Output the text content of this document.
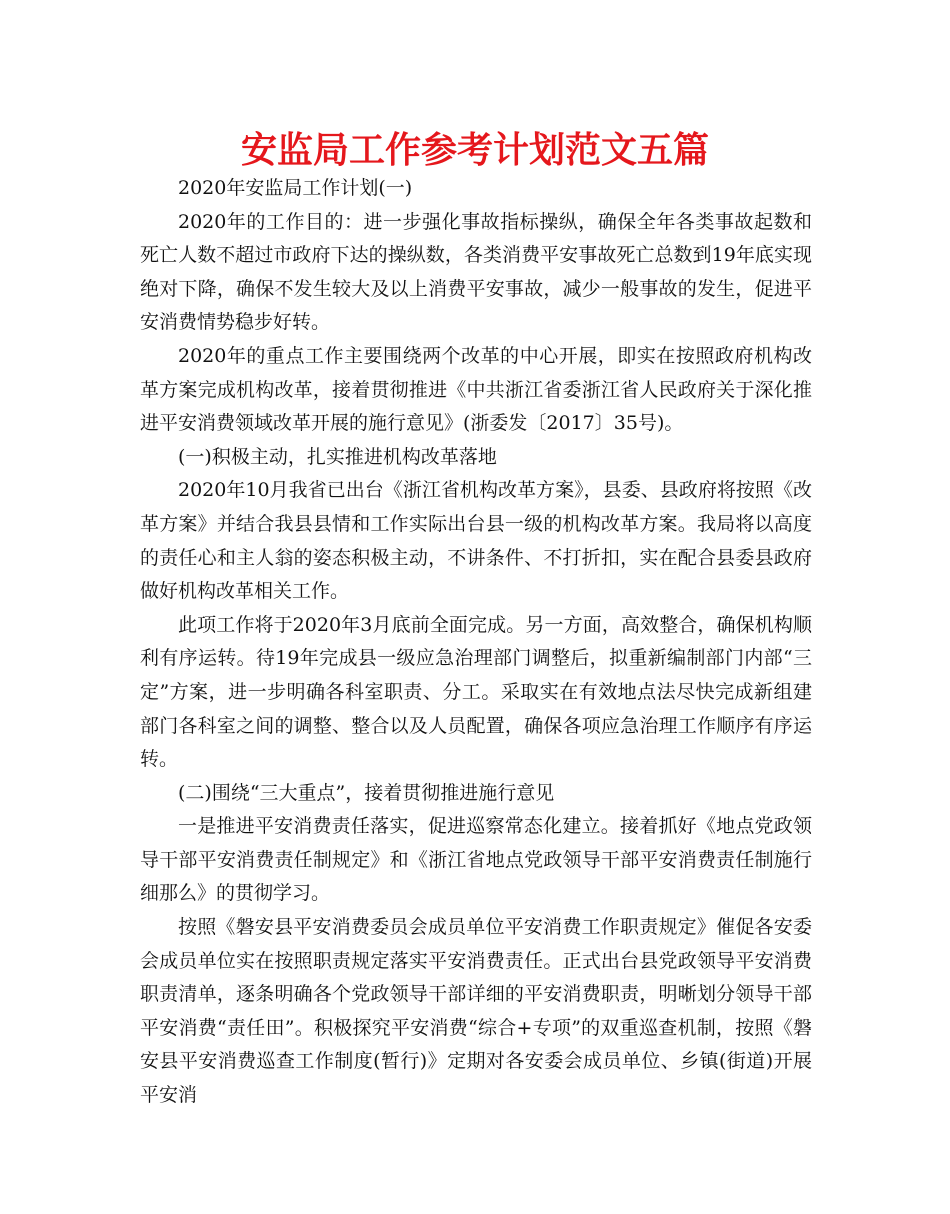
安监局工作参考计划范文五篇

2020年安监局工作计划(一)

2020年的工作目的：进一步强化事故指标操纵，确保全年各类事故起数和死亡人数不超过市政府下达的操纵数，各类消费平安事故死亡总数到19年底实现绝对下降，确保不发生较大及以上消费平安事故，减少一般事故的发生，促进平安消费情势稳步好转。

2020年的重点工作主要围绕两个改革的中心开展，即实在按照政府机构改革方案完成机构改革，接着贯彻推进《中共浙江省委浙江省人民政府关于深化推进平安消费领域改革开展的施行意见》(浙委发〔2017〕35号)。

(一)积极主动，扎实推进机构改革落地

2020年10月我省已出台《浙江省机构改革方案》，县委、县政府将按照《改革方案》并结合我县县情和工作实际出台县一级的机构改革方案。我局将以高度的责任心和主人翁的姿态积极主动，不讲条件、不打折扣，实在配合县委县政府做好机构改革相关工作。

此项工作将于2020年3月底前全面完成。另一方面，高效整合，确保机构顺利有序运转。待19年完成县一级应急治理部门调整后，拟重新编制部门内部“三定”方案，进一步明确各科室职责、分工。采取实在有效地点法尽快完成新组建部门各科室之间的调整、整合以及人员配置，确保各项应急治理工作顺序有序运转。

(二)围绕“三大重点”，接着贯彻推进施行意见

一是推进平安消费责任落实，促进巡察常态化建立。接着抓好《地点党政领导干部平安消费责任制规定》和《浙江省地点党政领导干部平安消费责任制施行细那么》的贯彻学习。

按照《磐安县平安消费委员会成员单位平安消费工作职责规定》催促各安委会成员单位实在按照职责规定落实平安消费责任。正式出台县党政领导平安消费职责清单，逐条明确各个党政领导干部详细的平安消费职责，明晰划分领导干部平安消费“责任田”。积极探究平安消费“综合+专项”的双重巡查机制，按照《磐安县平安消费巡查工作制度(暂行)》定期对各安委会成员单位、乡镇(街道)开展平安消
